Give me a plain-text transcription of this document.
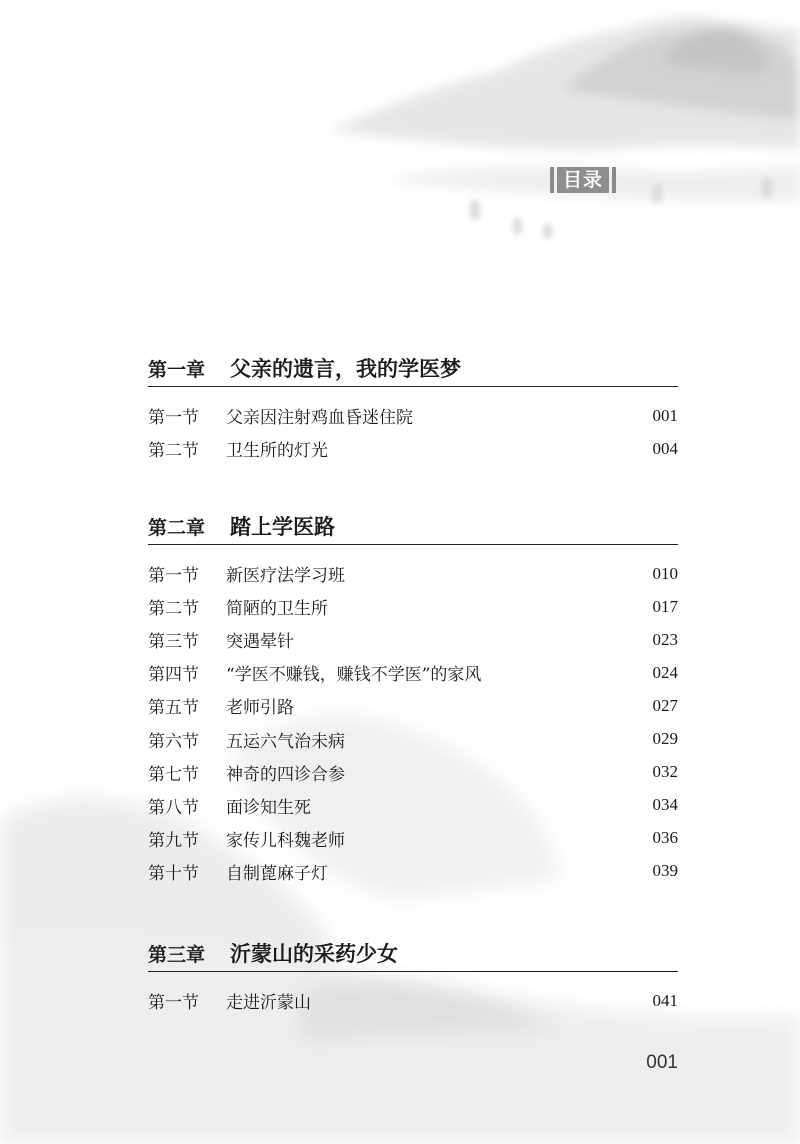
目录
第一章	父亲的遗言，我的学医梦
第一节	父亲因注射鸡血昏迷住院	001
第二节	卫生所的灯光	004
第二章	踏上学医路
第一节	新医疗法学习班	010
第二节	简陋的卫生所	017
第三节	突遇晕针	023
第四节	“学医不赚钱，赚钱不学医”的家风	024
第五节	老师引路	027
第六节	五运六气治未病	029
第七节	神奇的四诊合参	032
第八节	面诊知生死	034
第九节	家传儿科魏老师	036
第十节	自制蓖麻子灯	039
第三章	沂蒙山的采药少女
第一节	走进沂蒙山	041
001
